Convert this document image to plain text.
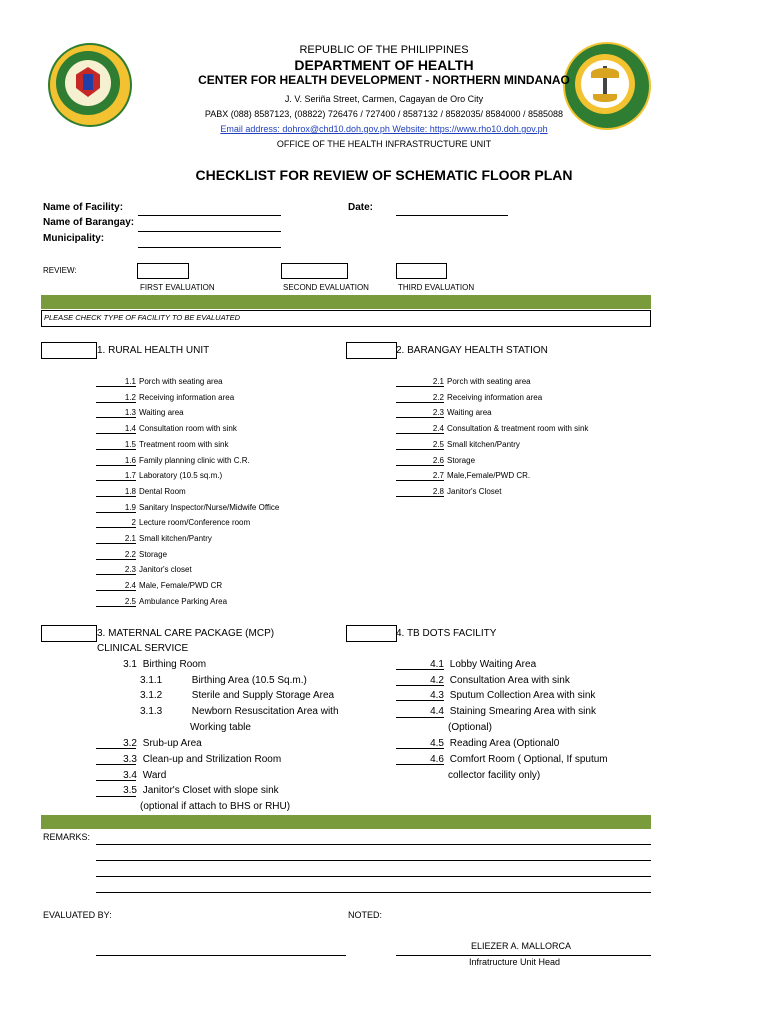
REPUBLIC OF THE PHILIPPINES
DEPARTMENT OF HEALTH
CENTER FOR HEALTH DEVELOPMENT - NORTHERN MINDANAO
J. V. Seriña Street, Carmen, Cagayan de Oro City
PABX (088) 8587123, (08822) 726476 / 727400 / 8587132 / 8582035/ 8584000 / 8585088
Email address: dohrox@chd10.doh.gov.ph Website: https://www.rho10.doh.gov.ph
OFFICE OF THE HEALTH INFRASTRUCTURE UNIT
CHECKLIST FOR REVIEW OF SCHEMATIC FLOOR PLAN
Name of Facility:
Name of Barangay:
Municipality:
Date:
REVIEW:
FIRST EVALUATION	SECOND EVALUATION	THIRD EVALUATION
PLEASE CHECK TYPE OF FACILITY TO BE EVALUATED
1. RURAL HEALTH UNIT
1.1 Porch with seating area
1.2 Receiving information area
1.3 Waiting area
1.4 Consultation room with sink
1.5 Treatment room with sink
1.6 Family planning clinic with C.R.
1.7 Laboratory (10.5 sq.m.)
1.8 Dental Room
1.9 Sanitary Inspector/Nurse/Midwife Office
2 Lecture room/Conference room
2.1 Small kitchen/Pantry
2.2 Storage
2.3 Janitor's closet
2.4 Male, Female/PWD CR
2.5 Ambulance Parking Area
2. BARANGAY HEALTH STATION
2.1 Porch with seating area
2.2 Receiving information area
2.3 Waiting area
2.4 Consultation & treatment room with sink
2.5 Small kitchen/Pantry
2.6 Storage
2.7 Male,Female/PWD CR.
2.8 Janitor's Closet
3. MATERNAL CARE PACKAGE (MCP)
CLINICAL SERVICE
3.1 Birthing Room
3.1.1	Birthing Area (10.5 Sq.m.)
3.1.2	Sterile and Supply Storage Area
3.1.3	Newborn Resuscitation Area with
Working table
3.2 Srub-up Area
3.3 Clean-up and Strilization Room
3.4 Ward
3.5 Janitor's Closet with slope sink
(optional if attach to BHS or RHU)
4. TB DOTS FACILITY
4.1 Lobby Waiting Area
4.2 Consultation Area with sink
4.3 Sputum Collection Area with sink
4.4 Staining Smearing Area with sink
(Optional)
4.5 Reading Area (Optional0
4.6 Comfort Room ( Optional, If sputum
collector facility only)
REMARKS:
EVALUATED BY:	NOTED:
ELIEZER A. MALLORCA
Infratructure Unit Head
